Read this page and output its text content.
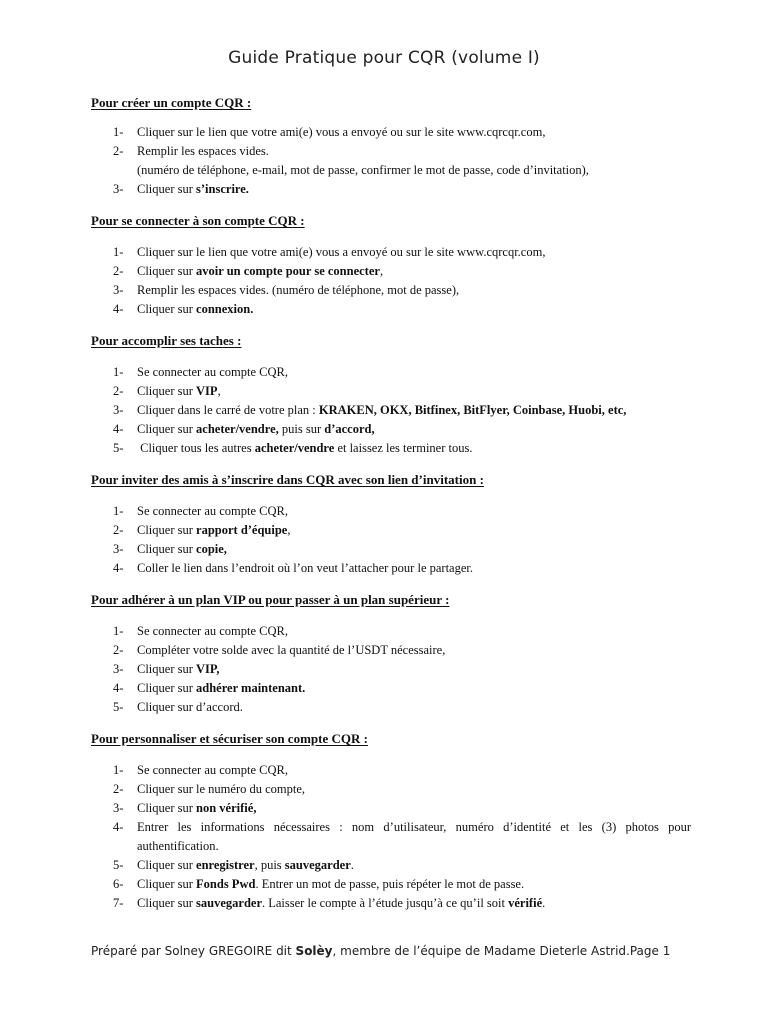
Guide Pratique pour CQR (volume I)
Pour créer un compte CQR :
1- Cliquer sur le lien que votre ami(e) vous a envoyé ou sur le site www.cqrcqr.com,
2- Remplir les espaces vides.
(numéro de téléphone, e-mail, mot de passe, confirmer le mot de passe, code d’invitation),
3- Cliquer sur s’inscrire.
Pour se connecter à son compte CQR :
1- Cliquer sur le lien que votre ami(e) vous a envoyé ou sur le site www.cqrcqr.com,
2- Cliquer sur avoir un compte pour se connecter,
3- Remplir les espaces vides. (numéro de téléphone, mot de passe),
4- Cliquer sur connexion.
Pour accomplir ses taches :
1- Se connecter au compte CQR,
2- Cliquer sur VIP,
3- Cliquer dans le carré de votre plan : KRAKEN, OKX, Bitfinex, BitFlyer, Coinbase, Huobi, etc,
4- Cliquer sur acheter/vendre, puis sur d’accord,
5- Cliquer tous les autres acheter/vendre et laissez les terminer tous.
Pour inviter des amis à s’inscrire dans CQR avec son lien d’invitation :
1- Se connecter au compte CQR,
2- Cliquer sur rapport d’équipe,
3- Cliquer sur copie,
4- Coller le lien dans l’endroit où l’on veut l’attacher pour le partager.
Pour adhérer à un plan VIP ou pour passer à un plan supérieur :
1- Se connecter au compte CQR,
2- Compléter votre solde avec la quantité de l’USDT nécessaire,
3- Cliquer sur VIP,
4- Cliquer sur adhérer maintenant.
5- Cliquer sur d’accord.
Pour personnaliser et sécuriser son compte CQR :
1- Se connecter au compte CQR,
2- Cliquer sur le numéro du compte,
3- Cliquer sur non vérifié,
4- Entrer les informations nécessaires : nom d’utilisateur, numéro d’identité et les (3) photos pour authentification.
5- Cliquer sur enregistrer, puis sauvegarder.
6- Cliquer sur Fonds Pwd. Entrer un mot de passe, puis répéter le mot de passe.
7- Cliquer sur sauvegarder. Laisser le compte à l’étude jusqu’à ce qu’il soit vérifié.
Préparé par Solney GREGOIRE dit Solèy, membre de l’équipe de Madame Dieterle Astrid.Page 1
